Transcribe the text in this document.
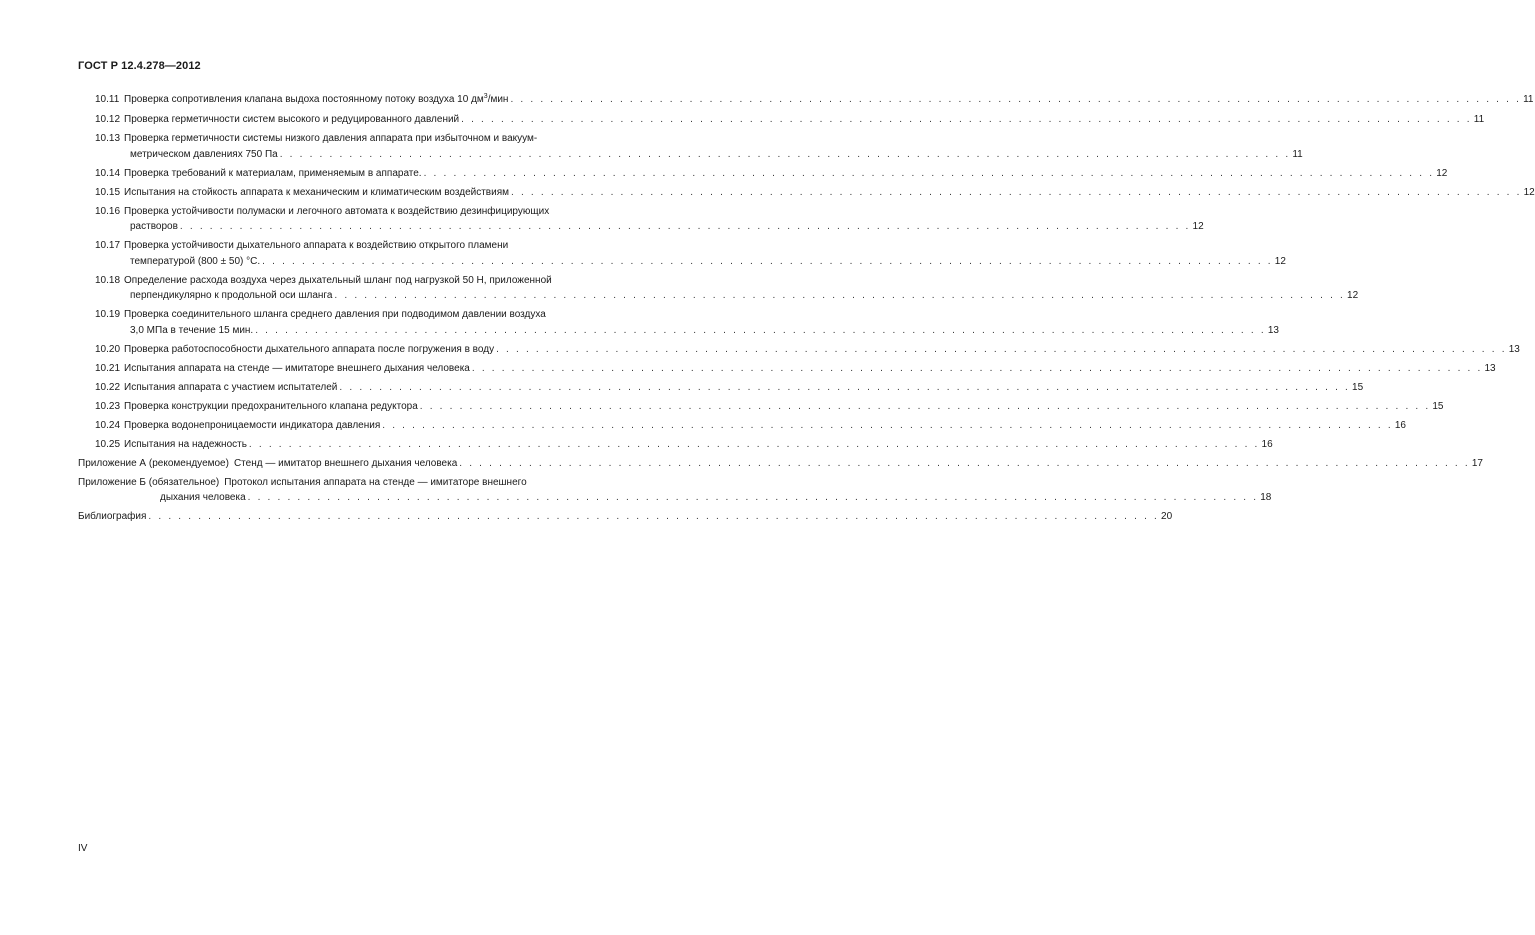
ГОСТ Р 12.4.278—2012
10.11 Проверка сопротивления клапана выдоха постоянному потоку воздуха 10 $дм^3$/мин . . . . . . . . . . . . . . . . . . . . . . . . . . . . . . . . . . . . . . . . . . . . . . . . . . . . . . . . . . . . . . . . . . . . . . . . . . . . . . . . . . . . . . . . . . . . . . . . . . . . . . 11
10.12 Проверка герметичности систем высокого и редуцированного давлений . . . . . . . . . . . . . . . . . . . . . . . . . . . . . . . . . . . . . . . . . . . . . . . . . . . . . . . . . . . . . . . . . . . . . . . . . . . . . . . . . . . . . . . . . . . . . . . . . . . . . . 11
10.13 Проверка герметичности системы низкого давления аппарата при избыточном и вакуум-
метрическом давлениях 750 Па . . . . . . . . . . . . . . . . . . . . . . . . . . . . . . . . . . . . . . . . . . . . . . . . . . . . . . . . . . . . . . . . . . . . . . . . . . . . . . . . . . . . . . . . . . . . . . . . . . . . . . 11
10.14 Проверка требований к материалам, применяемым в аппарате. . . . . . . . . . . . . . . . . . . . . . . . . . . . . . . . . . . . . . . . . . . . . . . . . . . . . . . . . . . . . . . . . . . . . . . . . . . . . . . . . . . . . . . . . . . . . . . . . . . . . . . 12
10.15 Испытания на стойкость аппарата к механическим и климатическим воздействиям . . . . . . . . . . . . . . . . . . . . . . . . . . . . . . . . . . . . . . . . . . . . . . . . . . . . . . . . . . . . . . . . . . . . . . . . . . . . . . . . . . . . . . . . . . . . . . . . . . . . . . 12
10.16 Проверка устойчивости полумаски и легочного автомата к воздействию дезинфицирующих
растворов . . . . . . . . . . . . . . . . . . . . . . . . . . . . . . . . . . . . . . . . . . . . . . . . . . . . . . . . . . . . . . . . . . . . . . . . . . . . . . . . . . . . . . . . . . . . . . . . . . . . . . 12
10.17 Проверка устойчивости дыхательного аппарата к воздействию открытого пламени
температурой (800 ± 50) °С. . . . . . . . . . . . . . . . . . . . . . . . . . . . . . . . . . . . . . . . . . . . . . . . . . . . . . . . . . . . . . . . . . . . . . . . . . . . . . . . . . . . . . . . . . . . . . . . . . . . . . . 12
10.18 Определение расхода воздуха через дыхательный шланг под нагрузкой 50 Н, приложенной
перпендикулярно к продольной оси шланга . . . . . . . . . . . . . . . . . . . . . . . . . . . . . . . . . . . . . . . . . . . . . . . . . . . . . . . . . . . . . . . . . . . . . . . . . . . . . . . . . . . . . . . . . . . . . . . . . . . . . . 12
10.19 Проверка соединительного шланга среднего давления при подводимом давлении воздуха
3,0 МПа в течение 15 мин. . . . . . . . . . . . . . . . . . . . . . . . . . . . . . . . . . . . . . . . . . . . . . . . . . . . . . . . . . . . . . . . . . . . . . . . . . . . . . . . . . . . . . . . . . . . . . . . . . . . . . . 13
10.20 Проверка работоспособности дыхательного аппарата после погружения в воду . . . . . . . . . . . . . . . . . . . . . . . . . . . . . . . . . . . . . . . . . . . . . . . . . . . . . . . . . . . . . . . . . . . . . . . . . . . . . . . . . . . . . . . . . . . . . . . . . . . . . . 13
10.21 Испытания аппарата на стенде — имитаторе внешнего дыхания человека . . . . . . . . . . . . . . . . . . . . . . . . . . . . . . . . . . . . . . . . . . . . . . . . . . . . . . . . . . . . . . . . . . . . . . . . . . . . . . . . . . . . . . . . . . . . . . . . . . . . . . 13
10.22 Испытания аппарата с участием испытателей . . . . . . . . . . . . . . . . . . . . . . . . . . . . . . . . . . . . . . . . . . . . . . . . . . . . . . . . . . . . . . . . . . . . . . . . . . . . . . . . . . . . . . . . . . . . . . . . . . . . . . 15
10.23 Проверка конструкции предохранительного клапана редуктора . . . . . . . . . . . . . . . . . . . . . . . . . . . . . . . . . . . . . . . . . . . . . . . . . . . . . . . . . . . . . . . . . . . . . . . . . . . . . . . . . . . . . . . . . . . . . . . . . . . . . . 15
10.24 Проверка водонепроницаемости индикатора давления . . . . . . . . . . . . . . . . . . . . . . . . . . . . . . . . . . . . . . . . . . . . . . . . . . . . . . . . . . . . . . . . . . . . . . . . . . . . . . . . . . . . . . . . . . . . . . . . . . . . . . 16
10.25 Испытания на надежность . . . . . . . . . . . . . . . . . . . . . . . . . . . . . . . . . . . . . . . . . . . . . . . . . . . . . . . . . . . . . . . . . . . . . . . . . . . . . . . . . . . . . . . . . . . . . . . . . . . . . . 16
Приложение А (рекомендуемое) Стенд — имитатор внешнего дыхания человека . . . . . . . . . . . . . . . . . . . . . . . . . . . . . . . . . . . . . . . . . . . . . . . . . . . . . . . . . . . . . . . . . . . . . . . . . . . . . . . . . . . . . . . . . . . . . . . . . . . . . . 17
Приложение Б (обязательное) Протокол испытания аппарата на стенде — имитаторе внешнего
дыхания человека . . . . . . . . . . . . . . . . . . . . . . . . . . . . . . . . . . . . . . . . . . . . . . . . . . . . . . . . . . . . . . . . . . . . . . . . . . . . . . . . . . . . . . . . . . . . . . . . . . . . . . 18
Библиография . . . . . . . . . . . . . . . . . . . . . . . . . . . . . . . . . . . . . . . . . . . . . . . . . . . . . . . . . . . . . . . . . . . . . . . . . . . . . . . . . . . . . . . . . . . . . . . . . . . . . . 20
IV
